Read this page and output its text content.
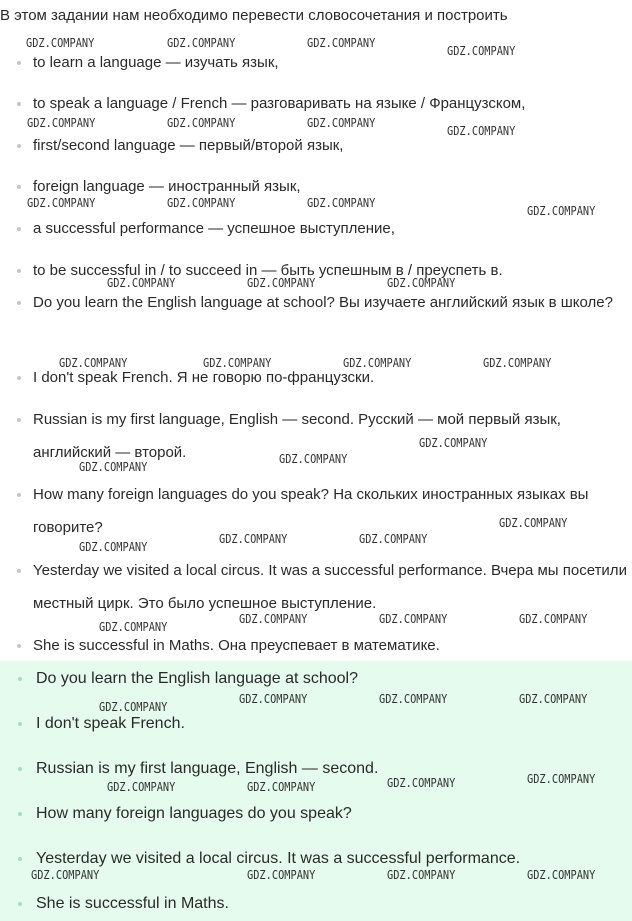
В этом задании нам необходимо перевести словосочетания и построить
to learn a language — изучать язык,
to speak a language / French — разговаривать на языке / Французском,
first/second language — первый/второй язык,
foreign language — иностранный язык,
a successful performance — успешное выступление,
to be successful in / to succeed in — быть успешным в / преуспеть в.
Do you learn the English language at school? Вы изучаете английский язык в школе?
I don't speak French. Я не говорю по-французски.
Russian is my first language, English — second. Русский — мой первый язык, английский — второй.
How many foreign languages do you speak? На скольких иностранных языках вы говорите?
Yesterday we visited a local circus. It was a successful performance. Вчера мы посетили местный цирк. Это было успешное выступление.
She is successful in Maths. Она преуспевает в математике.
Do you learn the English language at school?
I don't speak French.
Russian is my first language, English — second.
How many foreign languages do you speak?
Yesterday we visited a local circus. It was a successful performance.
She is successful in Maths.
GDZ.COMPANY	GDZ.COMPANY	GDZ.COMPANY
GDZ.COMPANY
GDZ.COMPANY	GDZ.COMPANY	GDZ.COMPANY
GDZ.COMPANY
GDZ.COMPANY	GDZ.COMPANY	GDZ.COMPANY
GDZ.COMPANY
GDZ.COMPANY	GDZ.COMPANY	GDZ.COMPANY
GDZ.COMPANY	GDZ.COMPANY	GDZ.COMPANY	GDZ.COMPANY
GDZ.COMPANY
GDZ.COMPANY
GDZ.COMPANY
GDZ.COMPANY
GDZ.COMPANY	GDZ.COMPANY
GDZ.COMPANY
GDZ.COMPANY	GDZ.COMPANY	GDZ.COMPANY
GDZ.COMPANY
GDZ.COMPANY	GDZ.COMPANY	GDZ.COMPANY
GDZ.COMPANY
GDZ.COMPANY
GDZ.COMPANY
GDZ.COMPANY	GDZ.COMPANY
GDZ.COMPANY	GDZ.COMPANY	GDZ.COMPANY	GDZ.COMPANY
